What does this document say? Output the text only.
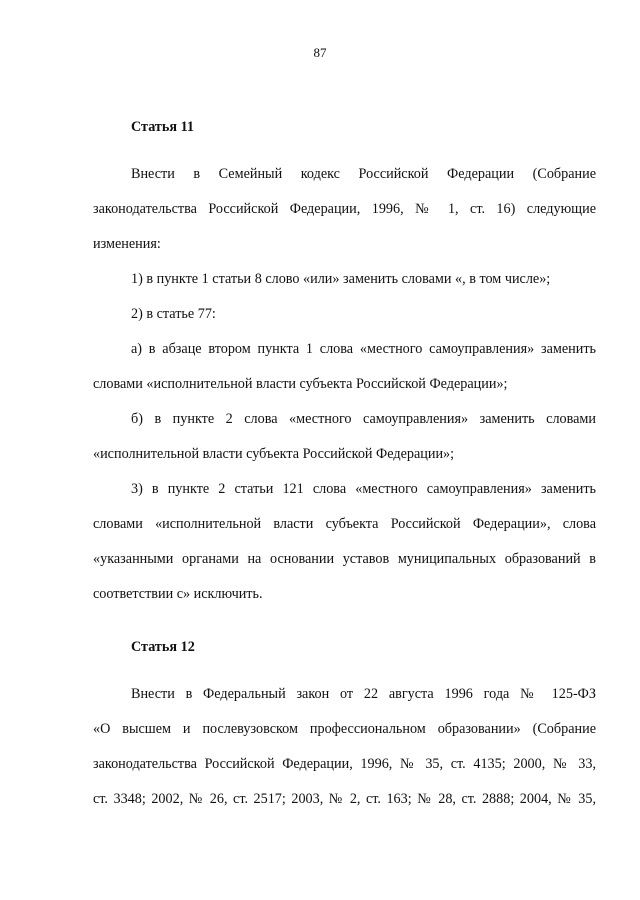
87
Статья 11
Внести в Семейный кодекс Российской Федерации (Собрание
законодательства Российской Федерации, 1996, № 1, ст. 16) следующие
изменения:
1) в пункте 1 статьи 8 слово «или» заменить словами «, в том числе»;
2) в статье 77:
а) в абзаце втором пункта 1 слова «местного самоуправления» заменить
словами «исполнительной власти субъекта Российской Федерации»;
б) в пункте 2 слова «местного самоуправления» заменить словами
«исполнительной власти субъекта Российской Федерации»;
3) в пункте 2 статьи 121 слова «местного самоуправления» заменить
словами «исполнительной власти субъекта Российской Федерации», слова
«указанными органами на основании уставов муниципальных образований в
соответствии с» исключить.
Статья 12
Внести в Федеральный закон от 22 августа 1996 года № 125-ФЗ
«О высшем и послевузовском профессиональном образовании» (Собрание
законодательства Российской Федерации, 1996, № 35, ст. 4135; 2000, № 33,
ст. 3348; 2002, № 26, ст. 2517; 2003, № 2, ст. 163; № 28, ст. 2888; 2004, № 35,
